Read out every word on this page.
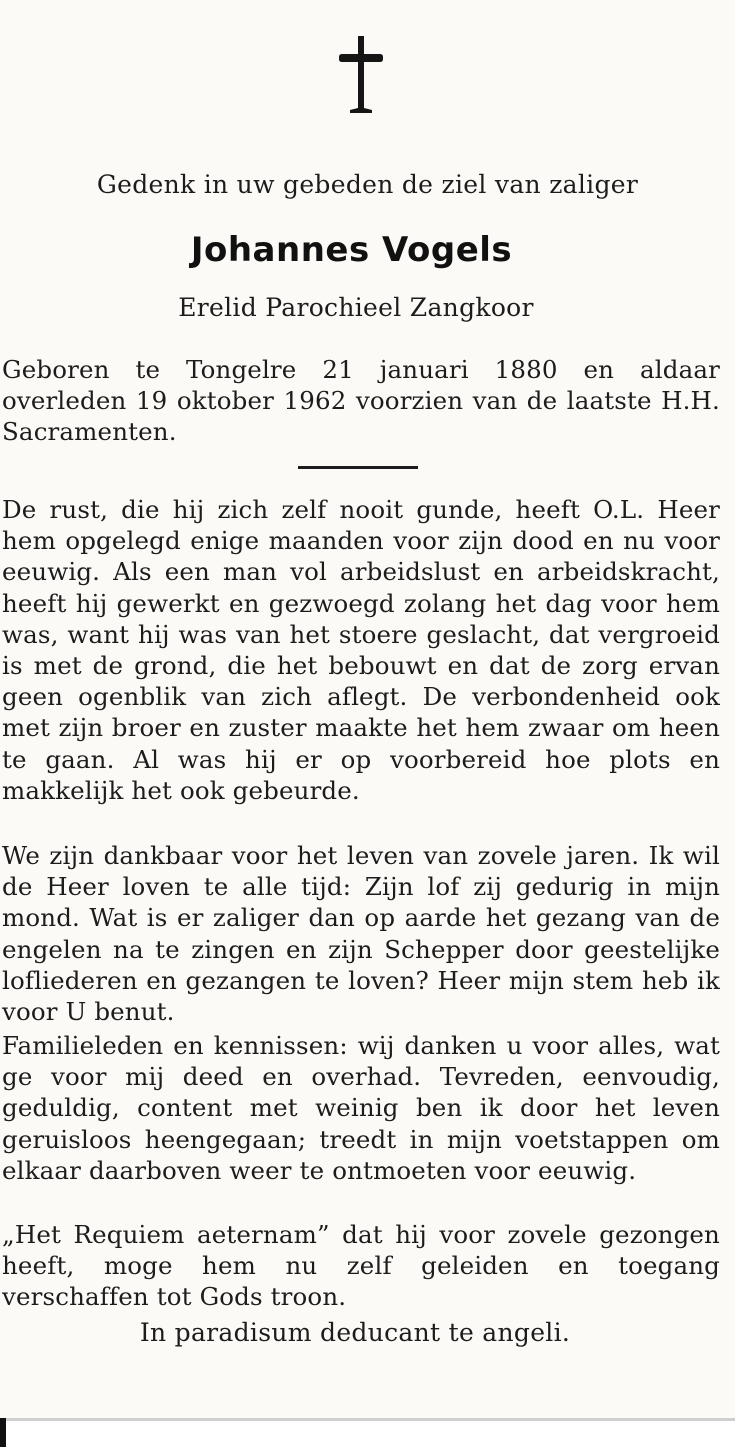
Gedenk in uw gebeden de ziel van zaliger
Johannes Vogels
Erelid Parochieel Zangkoor
Geboren te Tongelre 21 januari 1880 en aldaar overleden 19 oktober 1962 voorzien van de laatste H.H. Sacramenten.
De rust, die hij zich zelf nooit gunde, heeft O.L. Heer hem opgelegd enige maanden voor zijn dood en nu voor eeuwig. Als een man vol arbeidslust en arbeidskracht, heeft hij gewerkt en gezwoegd zolang het dag voor hem was, want hij was van het stoere geslacht, dat vergroeid is met de grond, die het bebouwt en dat de zorg ervan geen ogenblik van zich aflegt. De verbondenheid ook met zijn broer en zuster maakte het hem zwaar om heen te gaan. Al was hij er op voorbereid hoe plots en makkelijk het ook gebeurde.
We zijn dankbaar voor het leven van zovele jaren. Ik wil de Heer loven te alle tijd: Zijn lof zij gedurig in mijn mond. Wat is er zaliger dan op aarde het gezang van de engelen na te zingen en zijn Schepper door geestelijke lofliederen en gezangen te loven? Heer mijn stem heb ik voor U benut.
Familieleden en kennissen: wij danken u voor alles, wat ge voor mij deed en overhad. Tevreden, eenvoudig, geduldig, content met weinig ben ik door het leven geruisloos heengegaan; treedt in mijn voetstappen om elkaar daarboven weer te ontmoeten voor eeuwig.
„Het Requiem aeternam” dat hij voor zovele gezongen heeft, moge hem nu zelf geleiden en toegang verschaffen tot Gods troon.
In paradisum deducant te angeli.
